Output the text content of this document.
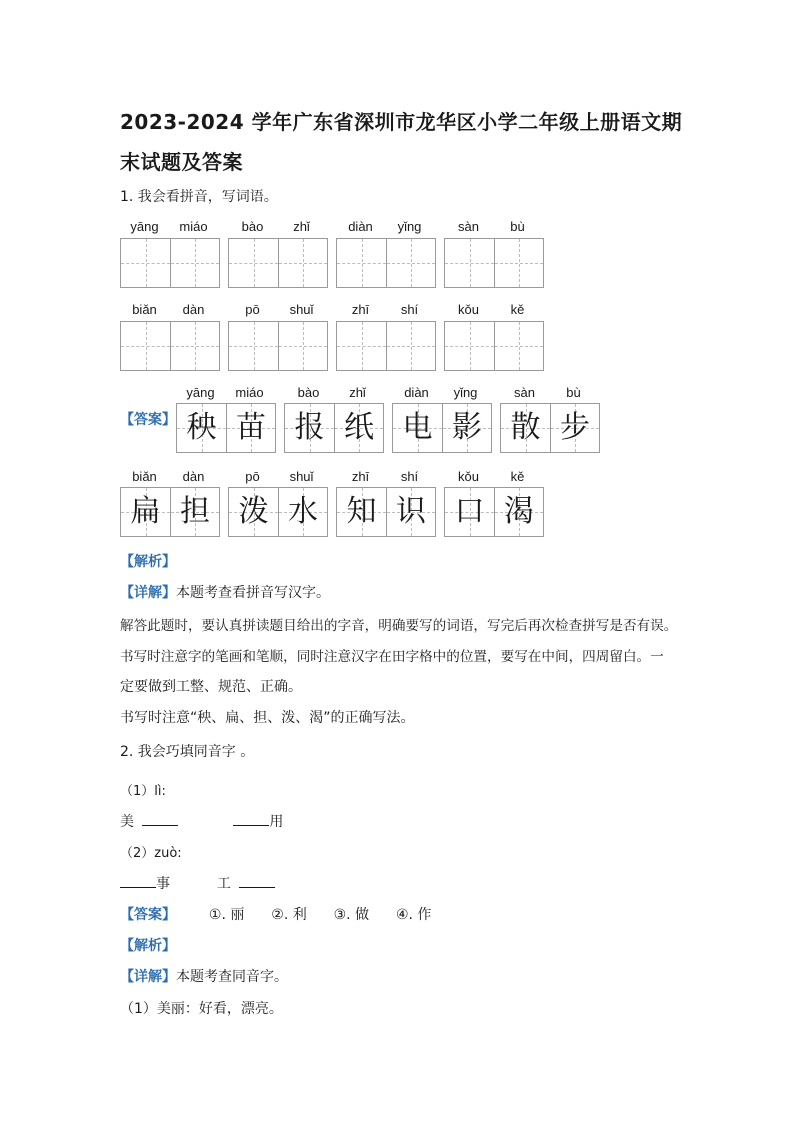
2023-2024 学年广东省深圳市龙华区小学二年级上册语文期
末试题及答案
1. 我会看拼音，写词语。
yāng	miáo	bào	zhǐ	diàn	yǐng	sàn	bù
biǎn	dàn	pō	shuǐ	zhī	shí	kǒu	kě
【答案】
yāng	miáo
秧 苗
bào	zhǐ
报 纸
diàn	yǐng
电 影
sàn	bù
散 步
biǎn	dàn
扁 担
pō	shuǐ
泼 水
zhī	shí
知 识
kǒu	kě
口 渴
【解析】
【详解】本题考查看拼音写汉字。
解答此题时，要认真拼读题目给出的字音，明确要写的词语，写完后再次检查拼写是否有误。
书写时注意字的笔画和笔顺，同时注意汉字在田字格中的位置，要写在中间，四周留白。一
定要做到工整、规范、正确。
书写时注意“秧、扁、担、泼、渴”的正确写法。
2. 我会巧填同音字 。
（1）lì:
美	用
（2）zuò:
事	工
【答案】 ①. 丽 ②. 利 ③. 做 ④. 作
【解析】
【详解】本题考查同音字。
（1）美丽：好看，漂亮。
